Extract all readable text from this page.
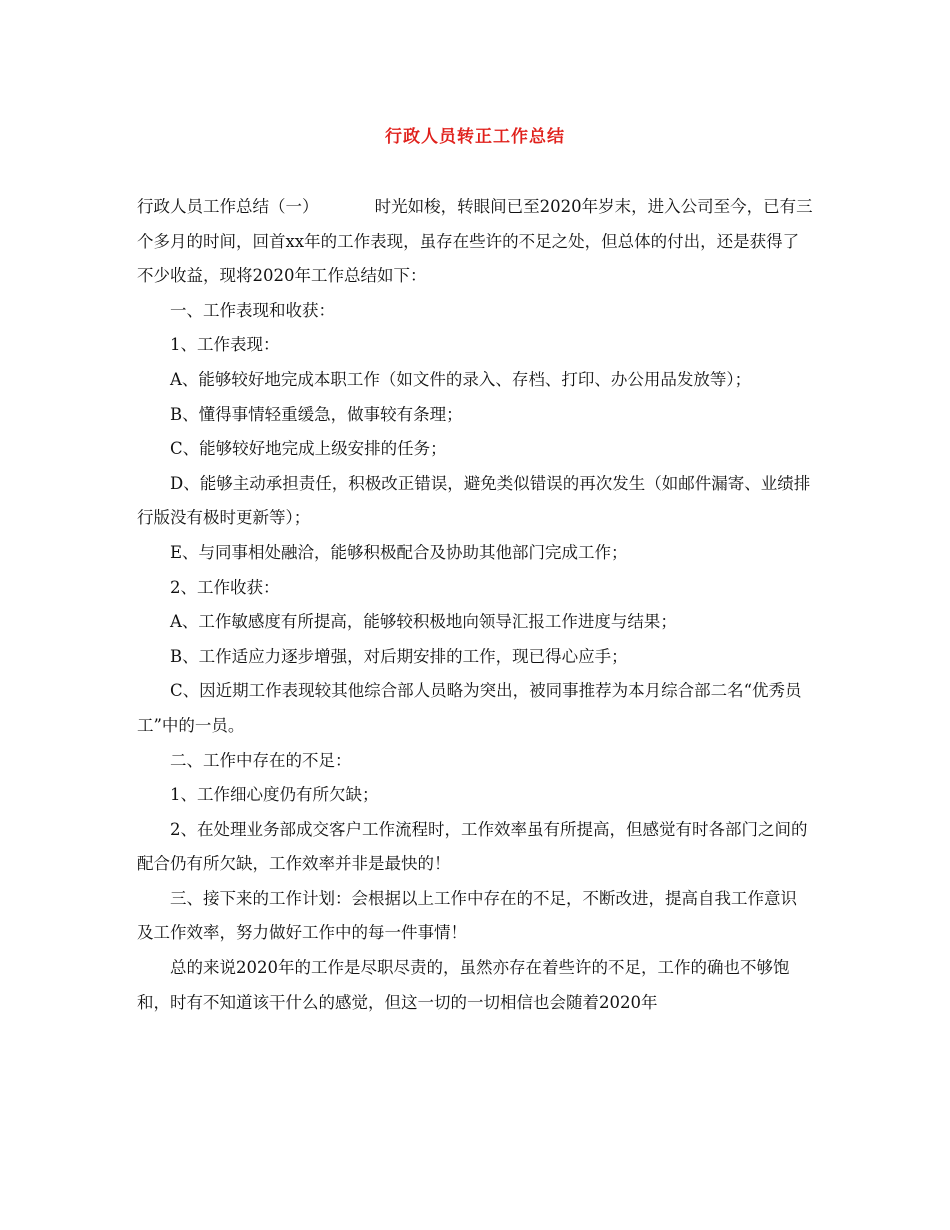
行政人员转正工作总结

行政人员工作总结（一）	时光如梭，转眼间已至2020年岁末，进入公司至今，已有三个多月的时间，回首xx年的工作表现，虽存在些许的不足之处，但总体的付出，还是获得了不少收益，现将2020年工作总结如下：

一、工作表现和收获：

1、工作表现：

A、能够较好地完成本职工作（如文件的录入、存档、打印、办公用品发放等）；

B、懂得事情轻重缓急，做事较有条理；

C、能够较好地完成上级安排的任务；

D、能够主动承担责任，积极改正错误，避免类似错误的再次发生（如邮件漏寄、业绩排行版没有极时更新等）；

E、与同事相处融洽，能够积极配合及协助其他部门完成工作；

2、工作收获：

A、工作敏感度有所提高，能够较积极地向领导汇报工作进度与结果；

B、工作适应力逐步增强，对后期安排的工作，现已得心应手；

C、因近期工作表现较其他综合部人员略为突出，被同事推荐为本月综合部二名“优秀员工”中的一员。

二、工作中存在的不足：

1、工作细心度仍有所欠缺；

2、在处理业务部成交客户工作流程时，工作效率虽有所提高，但感觉有时各部门之间的配合仍有所欠缺，工作效率并非是最快的！

三、接下来的工作计划：会根据以上工作中存在的不足，不断改进，提高自我工作意识及工作效率，努力做好工作中的每一件事情！

总的来说2020年的工作是尽职尽责的，虽然亦存在着些许的不足，工作的确也不够饱和，时有不知道该干什么的感觉，但这一切的一切相信也会随着2020年
